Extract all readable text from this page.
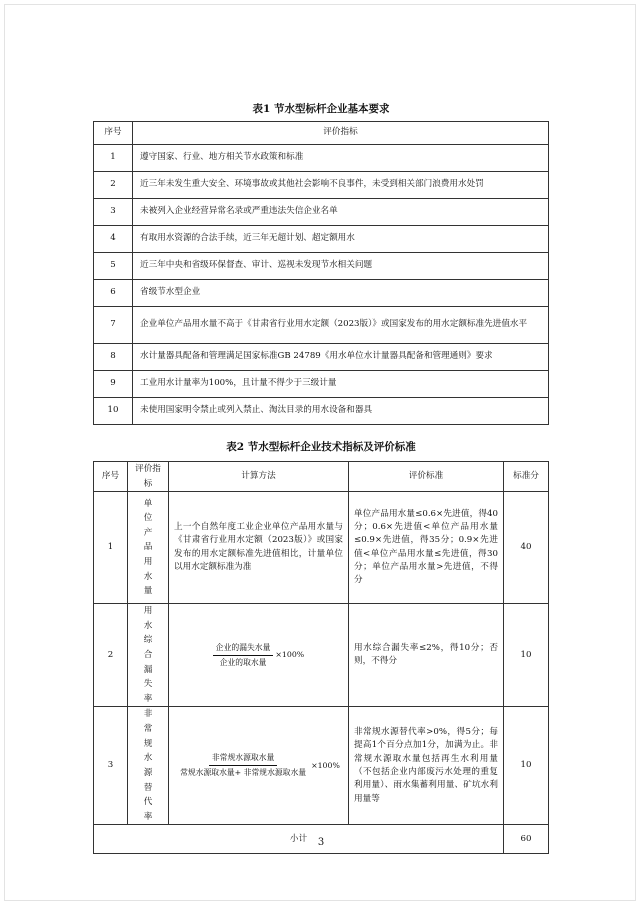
表1 节水型标杆企业基本要求
序号	评价指标
1	遵守国家、行业、地方相关节水政策和标准
2	近三年未发生重大安全、环境事故或其他社会影响不良事件，未受到相关部门浪费用水处罚
3	未被列入企业经营异常名录或严重违法失信企业名单
4	有取用水资源的合法手续，近三年无超计划、超定额用水
5	近三年中央和省级环保督查、审计、巡视未发现节水相关问题
6	省级节水型企业
7	企业单位产品用水量不高于《甘肃省行业用水定额（2023版）》或国家发布的用水定额标准先进值水平
8	水计量器具配备和管理满足国家标准GB 24789《用水单位水计量器具配备和管理通则》要求
9	工业用水计量率为100%，且计量不得少于三级计量
10	未使用国家明令禁止或列入禁止、淘汰目录的用水设备和器具
表2 节水型标杆企业技术指标及评价标准
序号	评价指标	计算方法	评价标准	标准分
1	单位产品用水量	上一个自然年度工业企业单位产品用水量与《甘肃省行业用水定额（2023版）》或国家发布的用水定额标准先进值相比，计量单位以用水定额标准为准	单位产品用水量≤0.6×先进值，得40分；0.6×先进值<单位产品用水量≤0.9×先进值，得35分；0.9×先进值<单位产品用水量≤先进值，得30分；单位产品用水量>先进值，不得分	40
2	用水综合漏失率	$\frac{\text{企业的漏失水量}}{\text{企业的取水量}} \times 100\%$	用水综合漏失率≤2%，得10分；否则，不得分	10
3	非常规水源替代率	$\frac{\text{非常规水源取水量}}{\text{常规水源取水量+ 非常规水源取水量}} \times 100\%$	非常规水源替代率>0%，得5分；每提高1个百分点加1分，加满为止。非常规水源取水量包括再生水利用量（不包括企业内部废污水处理的重复利用量）、雨水集蓄利用量、矿坑水利用量等	10
小计				60
3
